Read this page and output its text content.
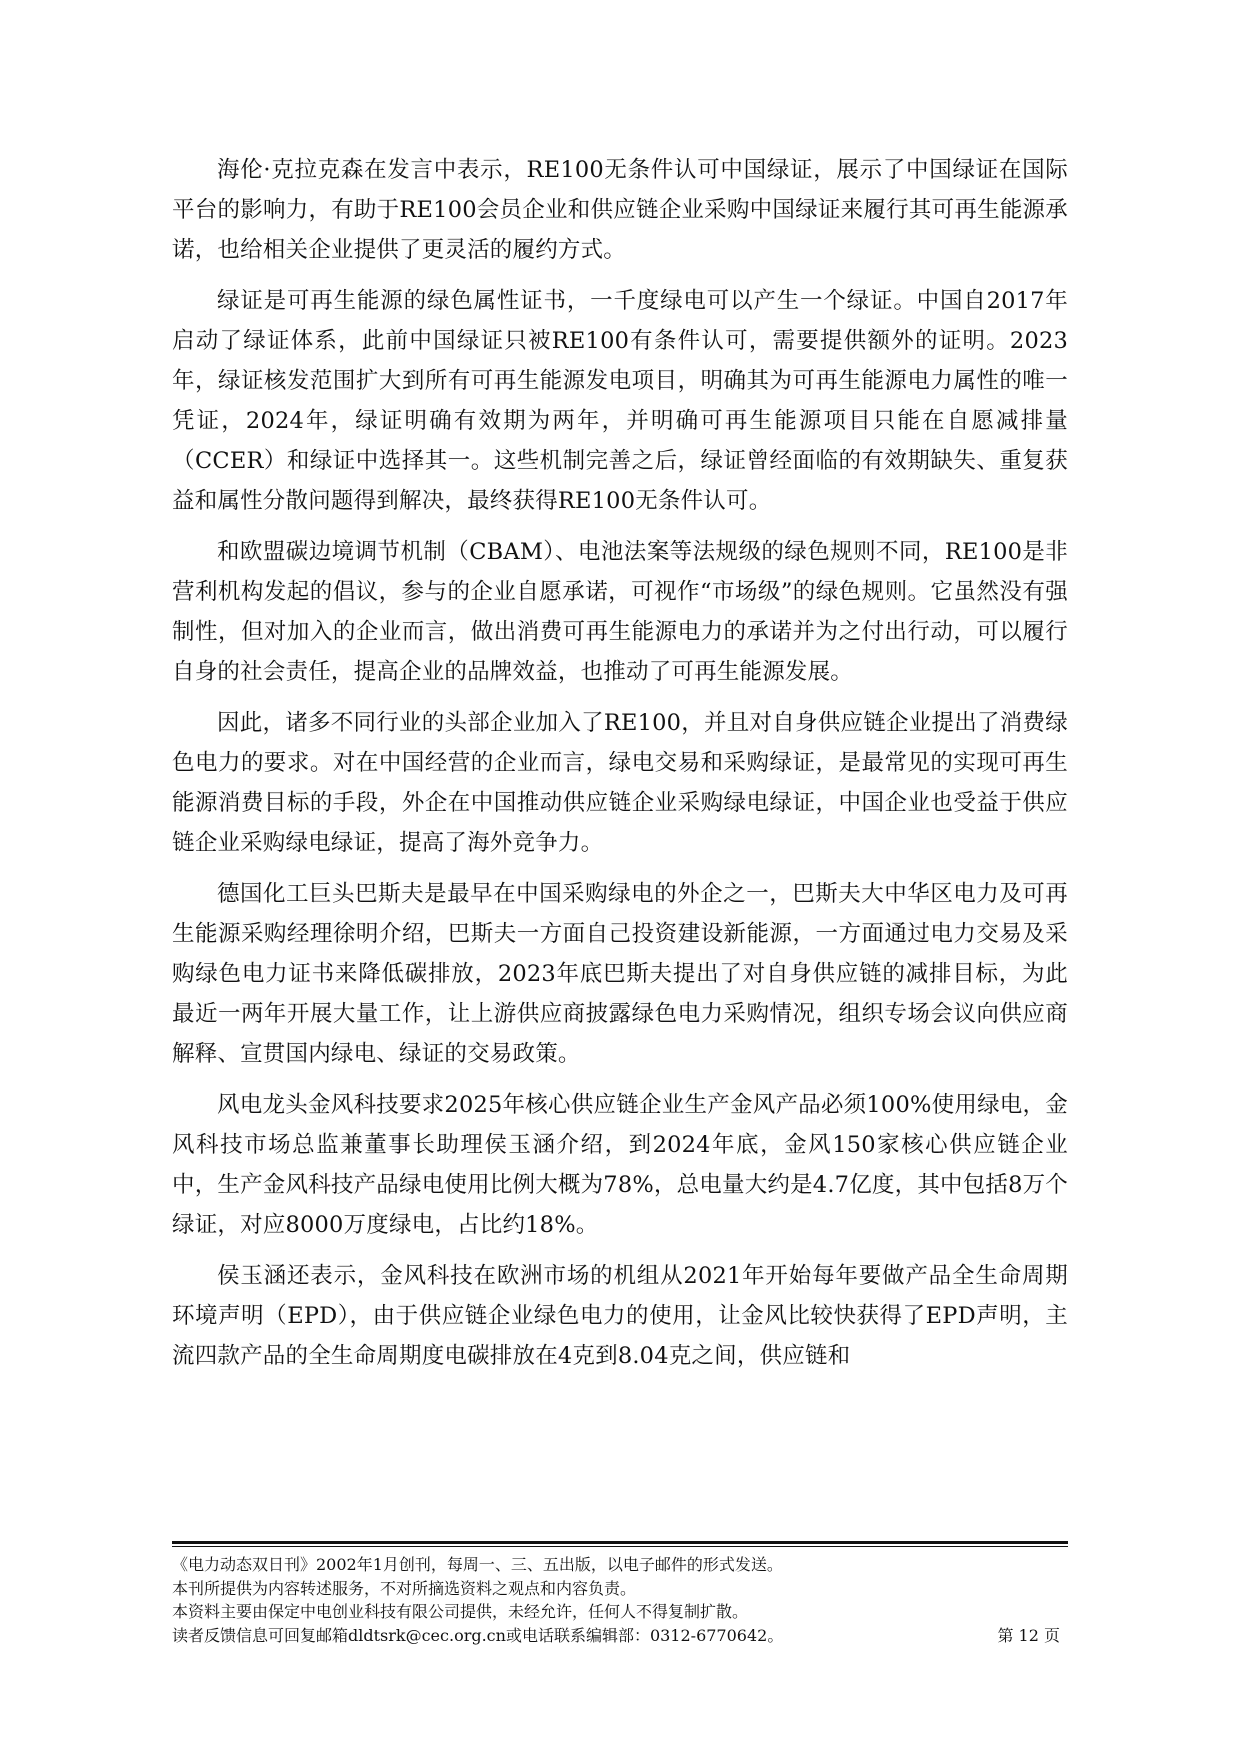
海伦·克拉克森在发言中表示，RE100无条件认可中国绿证，展示了中国绿证在国际平台的影响力，有助于RE100会员企业和供应链企业采购中国绿证来履行其可再生能源承诺，也给相关企业提供了更灵活的履约方式。

绿证是可再生能源的绿色属性证书，一千度绿电可以产生一个绿证。中国自2017年启动了绿证体系，此前中国绿证只被RE100有条件认可，需要提供额外的证明。2023年，绿证核发范围扩大到所有可再生能源发电项目，明确其为可再生能源电力属性的唯一凭证，2024年，绿证明确有效期为两年，并明确可再生能源项目只能在自愿减排量（CCER）和绿证中选择其一。这些机制完善之后，绿证曾经面临的有效期缺失、重复获益和属性分散问题得到解决，最终获得RE100无条件认可。

和欧盟碳边境调节机制（CBAM）、电池法案等法规级的绿色规则不同，RE100是非营利机构发起的倡议，参与的企业自愿承诺，可视作“市场级”的绿色规则。它虽然没有强制性，但对加入的企业而言，做出消费可再生能源电力的承诺并为之付出行动，可以履行自身的社会责任，提高企业的品牌效益，也推动了可再生能源发展。

因此，诸多不同行业的头部企业加入了RE100，并且对自身供应链企业提出了消费绿色电力的要求。对在中国经营的企业而言，绿电交易和采购绿证，是最常见的实现可再生能源消费目标的手段，外企在中国推动供应链企业采购绿电绿证，中国企业也受益于供应链企业采购绿电绿证，提高了海外竞争力。

德国化工巨头巴斯夫是最早在中国采购绿电的外企之一，巴斯夫大中华区电力及可再生能源采购经理徐明介绍，巴斯夫一方面自己投资建设新能源，一方面通过电力交易及采购绿色电力证书来降低碳排放，2023年底巴斯夫提出了对自身供应链的减排目标，为此最近一两年开展大量工作，让上游供应商披露绿色电力采购情况，组织专场会议向供应商解释、宣贯国内绿电、绿证的交易政策。

风电龙头金风科技要求2025年核心供应链企业生产金风产品必须100%使用绿电，金风科技市场总监兼董事长助理侯玉涵介绍，到2024年底，金风150家核心供应链企业中，生产金风科技产品绿电使用比例大概为78%，总电量大约是4.7亿度，其中包括8万个绿证，对应8000万度绿电，占比约18%。

侯玉涵还表示，金风科技在欧洲市场的机组从2021年开始每年要做产品全生命周期环境声明（EPD），由于供应链企业绿色电力的使用，让金风比较快获得了EPD声明，主流四款产品的全生命周期度电碳排放在4克到8.04克之间，供应链和

《电力动态双日刊》2002年1月创刊，每周一、三、五出版，以电子邮件的形式发送。
本刊所提供为内容转述服务，不对所摘选资料之观点和内容负责。
本资料主要由保定中电创业科技有限公司提供，未经允许，任何人不得复制扩散。
读者反馈信息可回复邮箱dldtsrk@cec.org.cn或电话联系编辑部：0312-6770642。	第 12 页
